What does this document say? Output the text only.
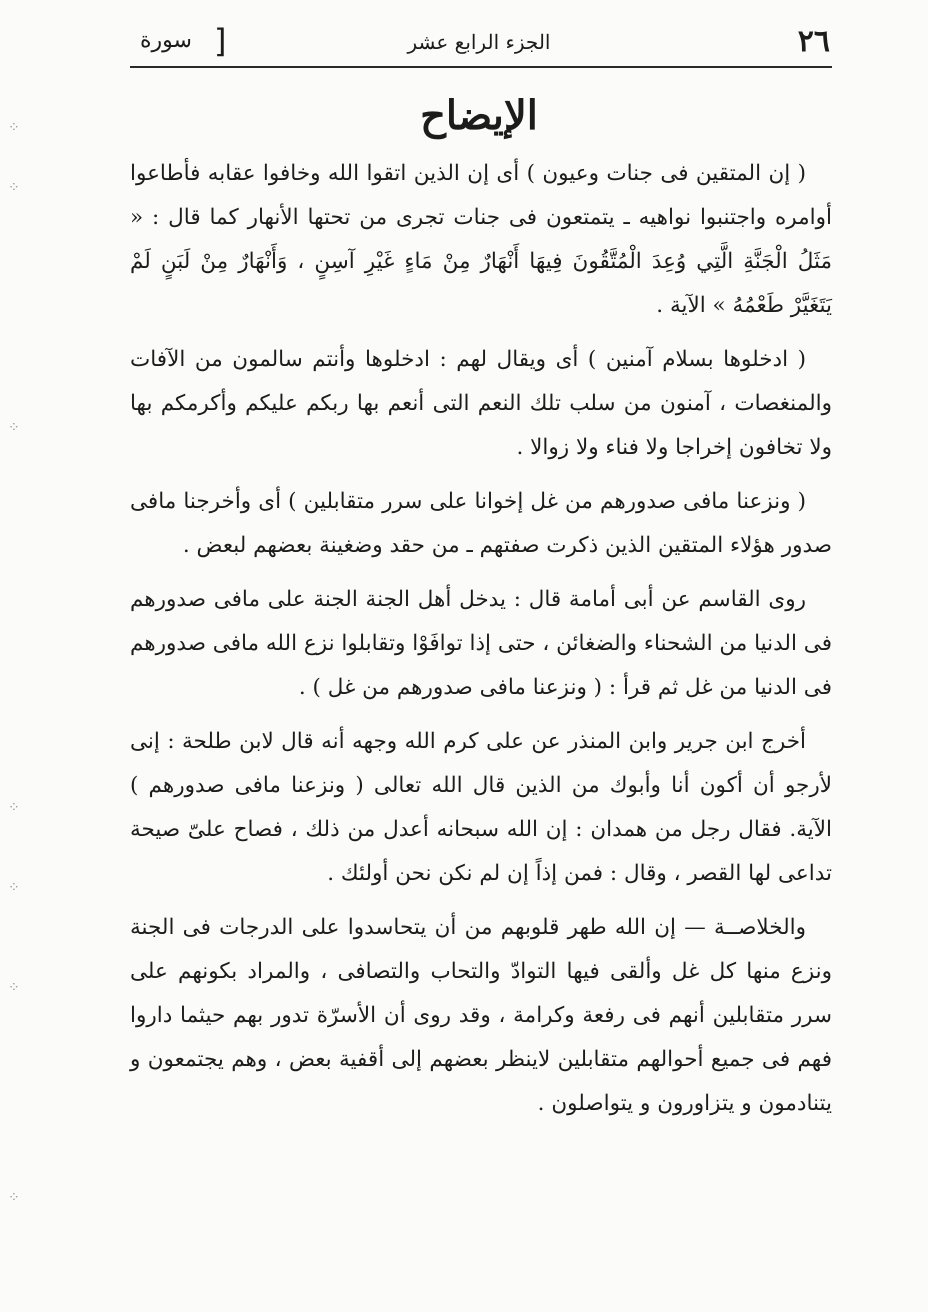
⁘
⁘
⁘
⁘
⁘
⁘
⁘
٢٦
الجزء الرابع عشر
[
سورة
الإيضاح

( إن المتقين فى جنات وعيون ) أى إن الذين اتقوا الله وخافوا عقابه فأطاعوا أوامره واجتنبوا نواهيه ـ يتمتعون فى جنات تجرى من تحتها الأنهار كما قال : « مَثَلُ الْجَنَّةِ الَّتِي وُعِدَ الْمُتَّقُونَ فِيهَا أَنْهَارٌ مِنْ مَاءٍ غَيْرِ آسِنٍ ، وَأَنْهَارٌ مِنْ لَبَنٍ لَمْ يَتَغَيَّرْ طَعْمُهُ » الآية .

( ادخلوها بسلام آمنين ) أى ويقال لهم : ادخلوها وأنتم سالمون من الآفات والمنغصات ، آمنون من سلب تلك النعم التى أنعم بها ربكم عليكم وأكرمكم بها ولا تخافون إخراجا ولا فناء ولا زوالا .

( ونزعنا مافى صدورهم من غل إخوانا على سرر متقابلين ) أى وأخرجنا مافى صدور هؤلاء المتقين الذين ذكرت صفتهم ـ من حقد وضغينة بعضهم لبعض .

روى القاسم عن أبى أمامة قال : يدخل أهل الجنة الجنة على مافى صدورهم فى الدنيا من الشحناء والضغائن ، حتى إذا توافَوْا وتقابلوا نزع الله مافى صدورهم فى الدنيا من غل ثم قرأ : ( ونزعنا مافى صدورهم من غل ) .

أخرج ابن جرير وابن المنذر عن على كرم الله وجهه أنه قال لابن طلحة : إنى لأرجو أن أكون أنا وأبوك من الذين قال الله تعالى ( ونزعنا مافى صدورهم ) الآية. فقال رجل من همدان : إن الله سبحانه أعدل من ذلك ، فصاح علىّ صيحة تداعى لها القصر ، وقال : فمن إذاً إن لم نكن نحن أولئك .

والخلاصــة — إن الله طهر قلوبهم من أن يتحاسدوا على الدرجات فى الجنة ونزع منها كل غل وألقى فيها التوادّ والتحاب والتصافى ، والمراد بكونهم على سرر متقابلين أنهم فى رفعة وكرامة ، وقد روى أن الأسرّة تدور بهم حيثما داروا فهم فى جميع أحوالهم متقابلين لاينظر بعضهم إلى أقفية بعض ، وهم يجتمعون و يتنادمون و يتزاورون و يتواصلون .
